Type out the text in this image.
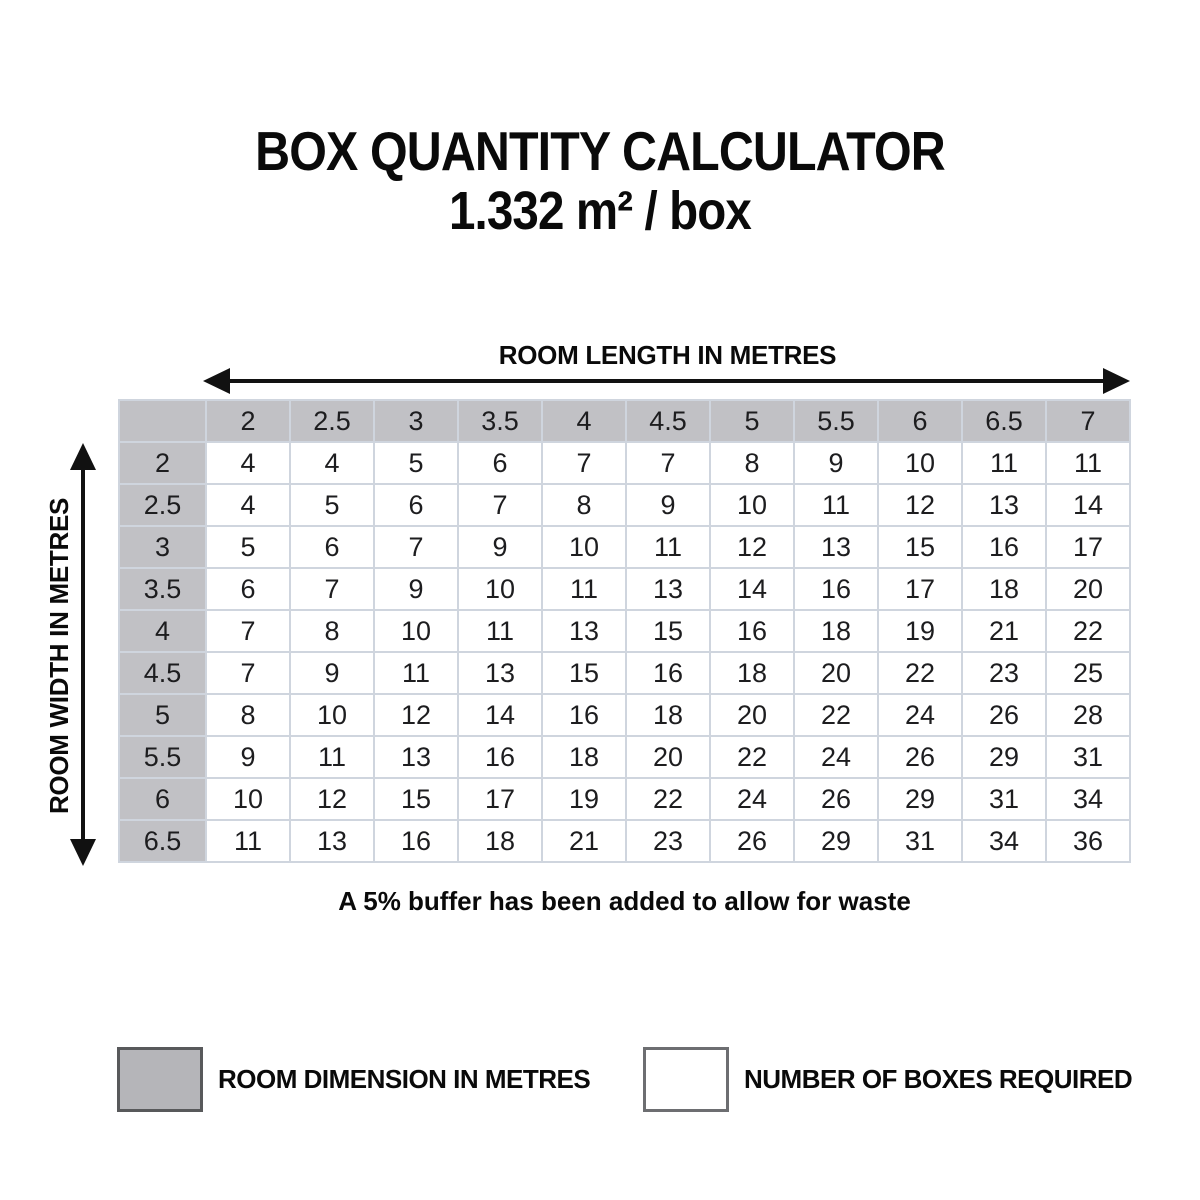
BOX QUANTITY CALCULATOR
1.332 m² / box
ROOM LENGTH IN METRES
ROOM WIDTH IN METRES
	2	2.5	3	3.5	4	4.5	5	5.5	6	6.5	7
2	4	4	5	6	7	7	8	9	10	11	11
2.5	4	5	6	7	8	9	10	11	12	13	14
3	5	6	7	9	10	11	12	13	15	16	17
3.5	6	7	9	10	11	13	14	16	17	18	20
4	7	8	10	11	13	15	16	18	19	21	22
4.5	7	9	11	13	15	16	18	20	22	23	25
5	8	10	12	14	16	18	20	22	24	26	28
5.5	9	11	13	16	18	20	22	24	26	29	31
6	10	12	15	17	19	22	24	26	29	31	34
6.5	11	13	16	18	21	23	26	29	31	34	36
A 5% buffer has been added to allow for waste
ROOM DIMENSION IN METRES	NUMBER OF BOXES REQUIRED
